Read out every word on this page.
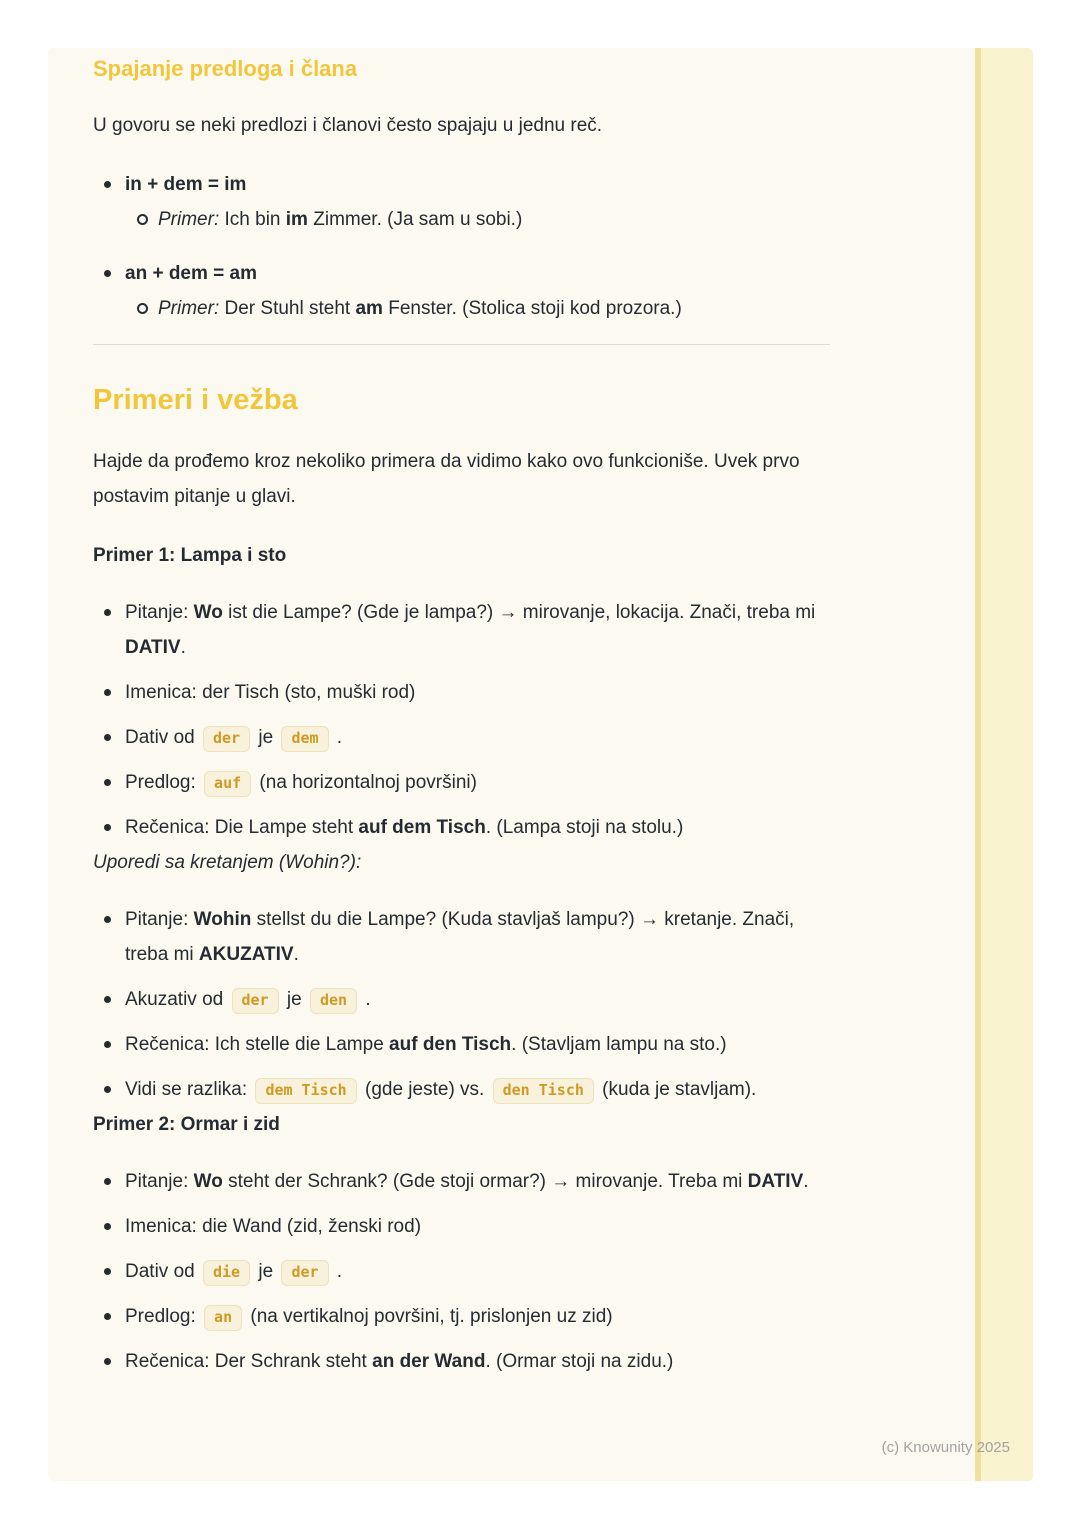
Spajanje predloga i člana

U govoru se neki predlozi i članovi često spajaju u jednu reč.

in + dem = im
Primer: Ich bin im Zimmer. (Ja sam u sobi.)
an + dem = am
Primer: Der Stuhl steht am Fenster. (Stolica stoji kod prozora.)
Primeri i vežba

Hajde da prođemo kroz nekoliko primera da vidimo kako ovo funkcioniše. Uvek prvo postavim pitanje u glavi.

Primer 1: Lampa i sto

Pitanje: Wo ist die Lampe? (Gde je lampa?) → mirovanje, lokacija. Znači, treba mi DATIV.
Imenica: der Tisch (sto, muški rod)
Dativ od der je dem .
Predlog: auf (na horizontalnoj površini)
Rečenica: Die Lampe steht auf dem Tisch. (Lampa stoji na stolu.)

Uporedi sa kretanjem (Wohin?):

Pitanje: Wohin stellst du die Lampe? (Kuda stavljaš lampu?) → kretanje. Znači, treba mi AKUZATIV.
Akuzativ od der je den .
Rečenica: Ich stelle die Lampe auf den Tisch. (Stavljam lampu na sto.)
Vidi se razlika: dem Tisch (gde jeste) vs. den Tisch (kuda je stavljam).

Primer 2: Ormar i zid

Pitanje: Wo steht der Schrank? (Gde stoji ormar?) → mirovanje. Treba mi DATIV.
Imenica: die Wand (zid, ženski rod)
Dativ od die je der .
Predlog: an (na vertikalnoj površini, tj. prislonjen uz zid)
Rečenica: Der Schrank steht an der Wand. (Ormar stoji na zidu.)
(c) Knowunity 2025
